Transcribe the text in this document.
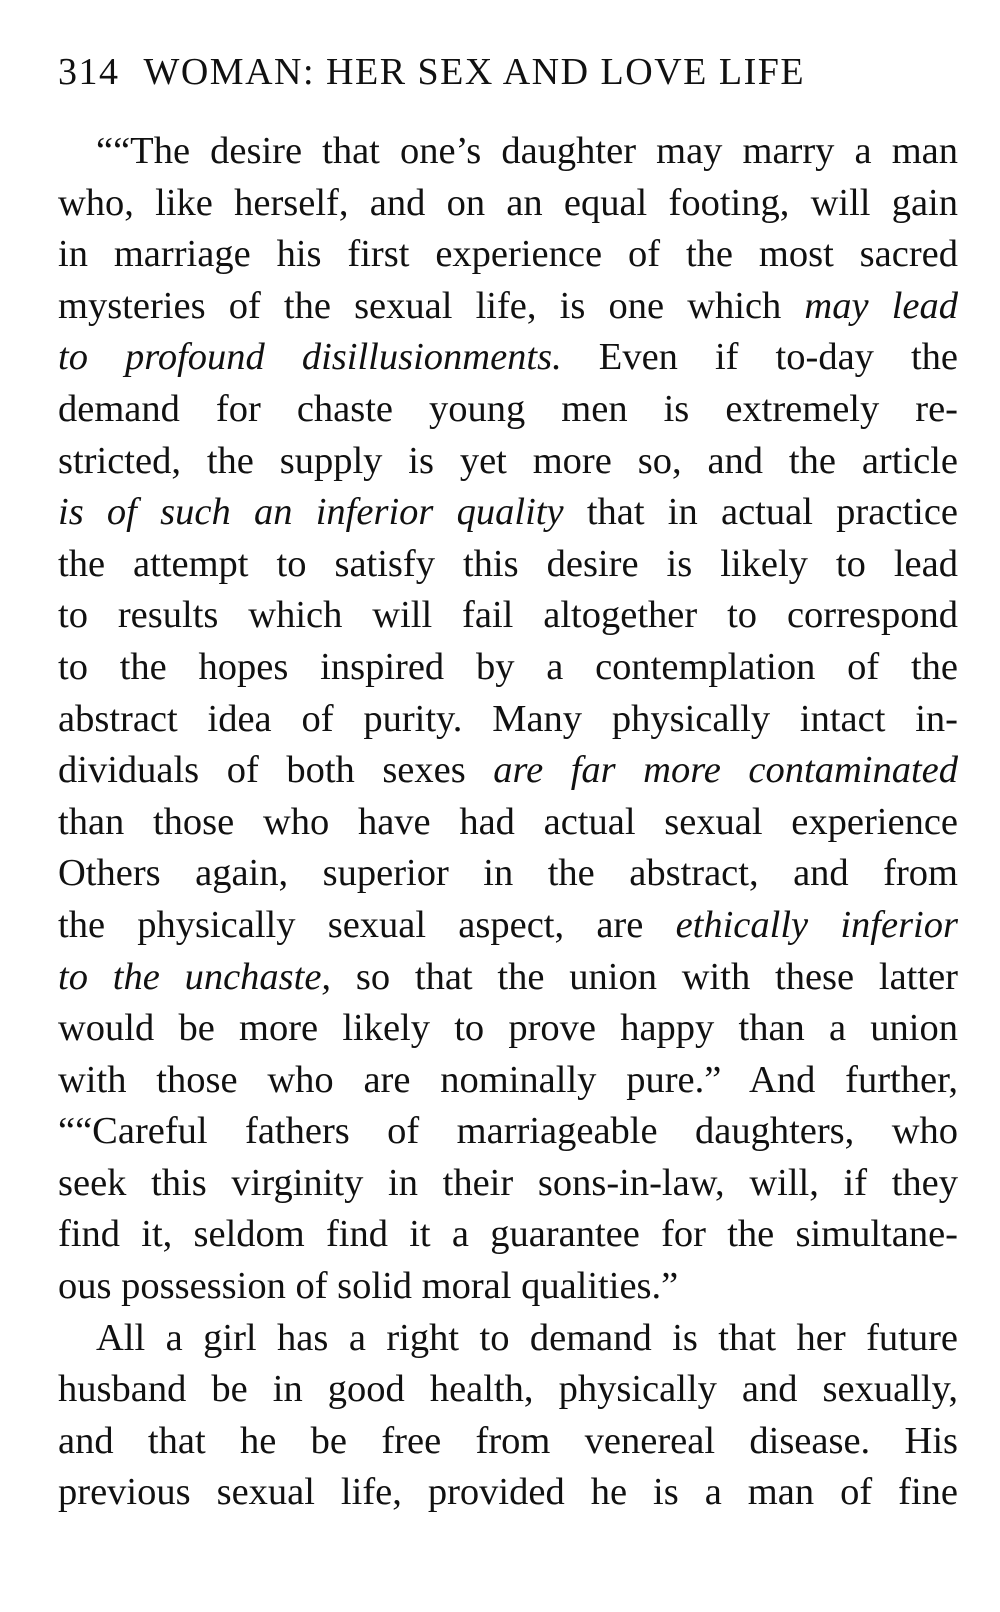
314 WOMAN: HER SEX AND LOVE LIFE
““The desire that one’s daughter may marry a man
who, like herself, and on an equal footing, will gain
in marriage his first experience of the most sacred
mysteries of the sexual life, is one which may lead
to profound disillusionments. Even if to-day the
demand for chaste young men is extremely re-
stricted, the supply is yet more so, and the article
is of such an inferior quality that in actual practice
the attempt to satisfy this desire is likely to lead
to results which will fail altogether to correspond
to the hopes inspired by a contemplation of the
abstract idea of purity. Many physically intact in-
dividuals of both sexes are far more contaminated
than those who have had actual sexual experience
Others again, superior in the abstract, and from
the physically sexual aspect, are ethically inferior
to the unchaste, so that the union with these latter
would be more likely to prove happy than a union
with those who are nominally pure.” And further,
““Careful fathers of marriageable daughters, who
seek this virginity in their sons-in-law, will, if they
find it, seldom find it a guarantee for the simultane-
ous possession of solid moral qualities.”
All a girl has a right to demand is that her future
husband be in good health, physically and sexually,
and that he be free from venereal disease. His
previous sexual life, provided he is a man of fine
